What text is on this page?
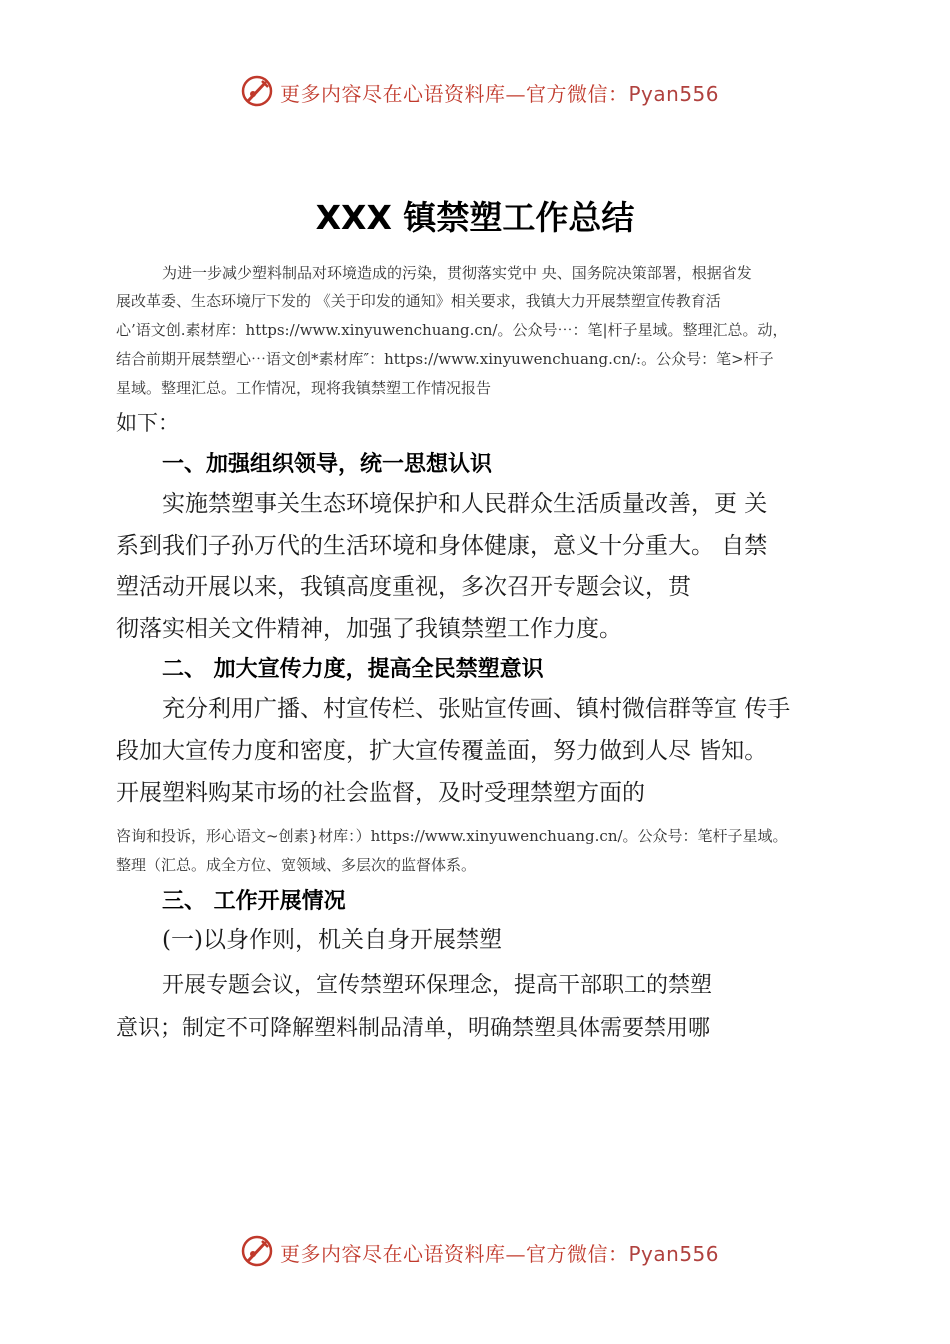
更多内容尽在心语资料库—官方微信：Pyan556
XXX 镇禁塑工作总结
为进一步减少塑料制品对环境造成的污染，贯彻落实党中 央、国务院决策部署，根据省发
展改革委、生态环境厅下发的 《关于印发的通知》相关要求，我镇大力开展禁塑宣传教育活
心’语文创.素材库：https://www.xinyuwenchuang.cn/。公众号⋯：笔|杆子星域。整理汇总。动，
结合前期开展禁塑心⋯语文创*素材库″：https://www.xinyuwenchuang.cn/:。公众号：笔>杆子
星域。整理汇总。工作情况，现将我镇禁塑工作情况报告
如下：
一、加强组织领导，统一思想认识
实施禁塑事关生态环境保护和人民群众生活质量改善，更 关
系到我们子孙万代的生活环境和身体健康，意义十分重大。 自禁
塑活动开展以来，我镇高度重视，多次召开专题会议，贯
彻落实相关文件精神，加强了我镇禁塑工作力度。
二、 加大宣传力度，提高全民禁塑意识
充分利用广播、村宣传栏、张贴宣传画、镇村微信群等宣 传手
段加大宣传力度和密度，扩大宣传覆盖面，努力做到人尽 皆知。
开展塑料购某市场的社会监督，及时受理禁塑方面的
咨询和投诉，形心语文~创素}材库：）https://www.xinyuwenchuang.cn/。公众号：笔杆子星域。
整理（汇总。成全方位、宽领域、多层次的监督体系。
三、 工作开展情况
(一)以身作则，机关自身开展禁塑
开展专题会议，宣传禁塑环保理念，提高干部职工的禁塑
意识；制定不可降解塑料制品清单，明确禁塑具体需要禁用哪
更多内容尽在心语资料库—官方微信：Pyan556
